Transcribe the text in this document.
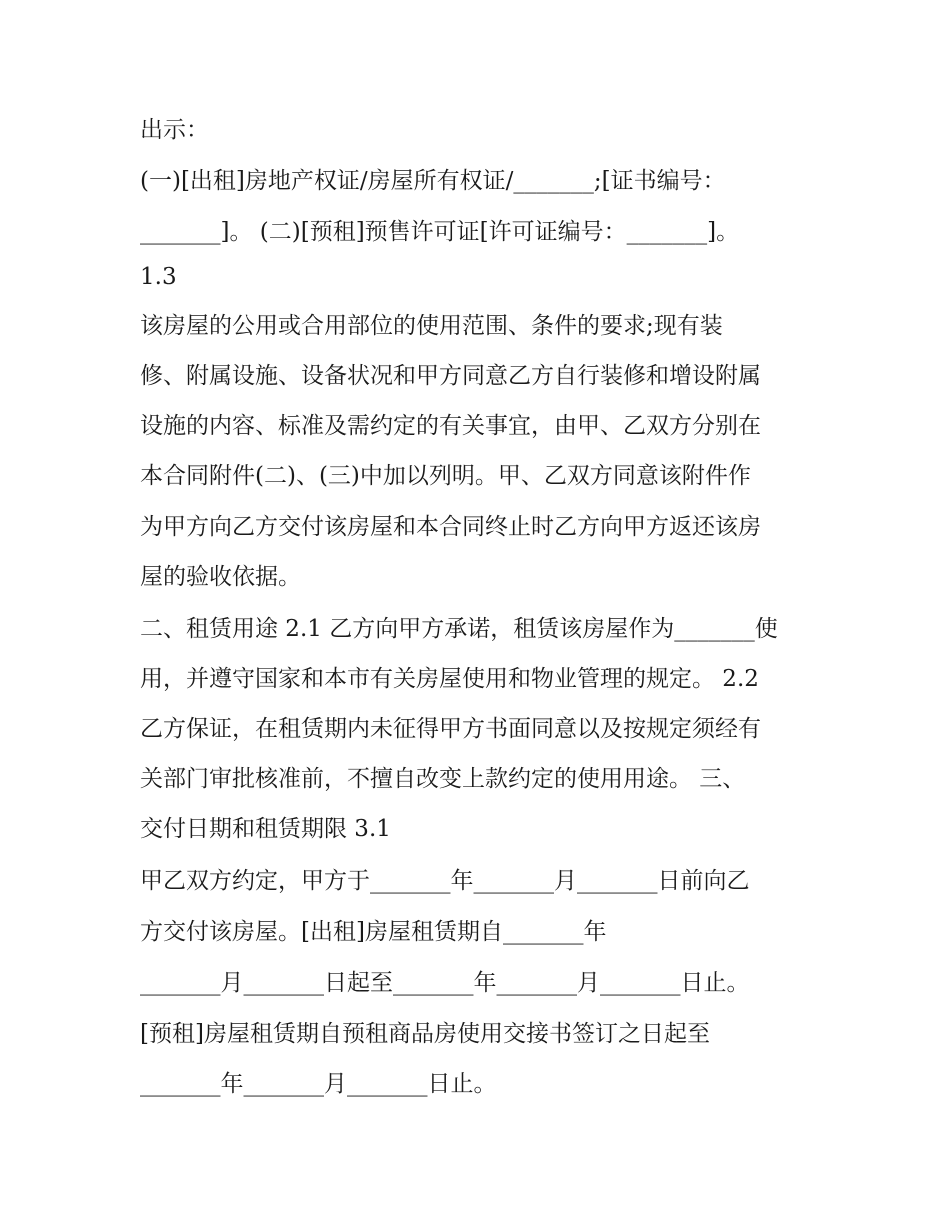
出示：
(一)[出租]房地产权证/房屋所有权证/_______;[证书编号：
_______]。 (二)[预租]预售许可证[许可证编号：_______]。
1.3
该房屋的公用或合用部位的使用范围、条件的要求;现有装
修、附属设施、设备状况和甲方同意乙方自行装修和增设附属
设施的内容、标准及需约定的有关事宜，由甲、乙双方分别在
本合同附件(二)、(三)中加以列明。甲、乙双方同意该附件作
为甲方向乙方交付该房屋和本合同终止时乙方向甲方返还该房
屋的验收依据。
二、租赁用途 2.1 乙方向甲方承诺，租赁该房屋作为_______使
用，并遵守国家和本市有关房屋使用和物业管理的规定。 2.2
乙方保证，在租赁期内未征得甲方书面同意以及按规定须经有
关部门审批核准前，不擅自改变上款约定的使用用途。 三、
交付日期和租赁期限 3.1
甲乙双方约定，甲方于_______年_______月_______日前向乙
方交付该房屋。[出租]房屋租赁期自_______年
_______月_______日起至_______年_______月_______日止。
[预租]房屋租赁期自预租商品房使用交接书签订之日起至
_______年_______月_______日止。
